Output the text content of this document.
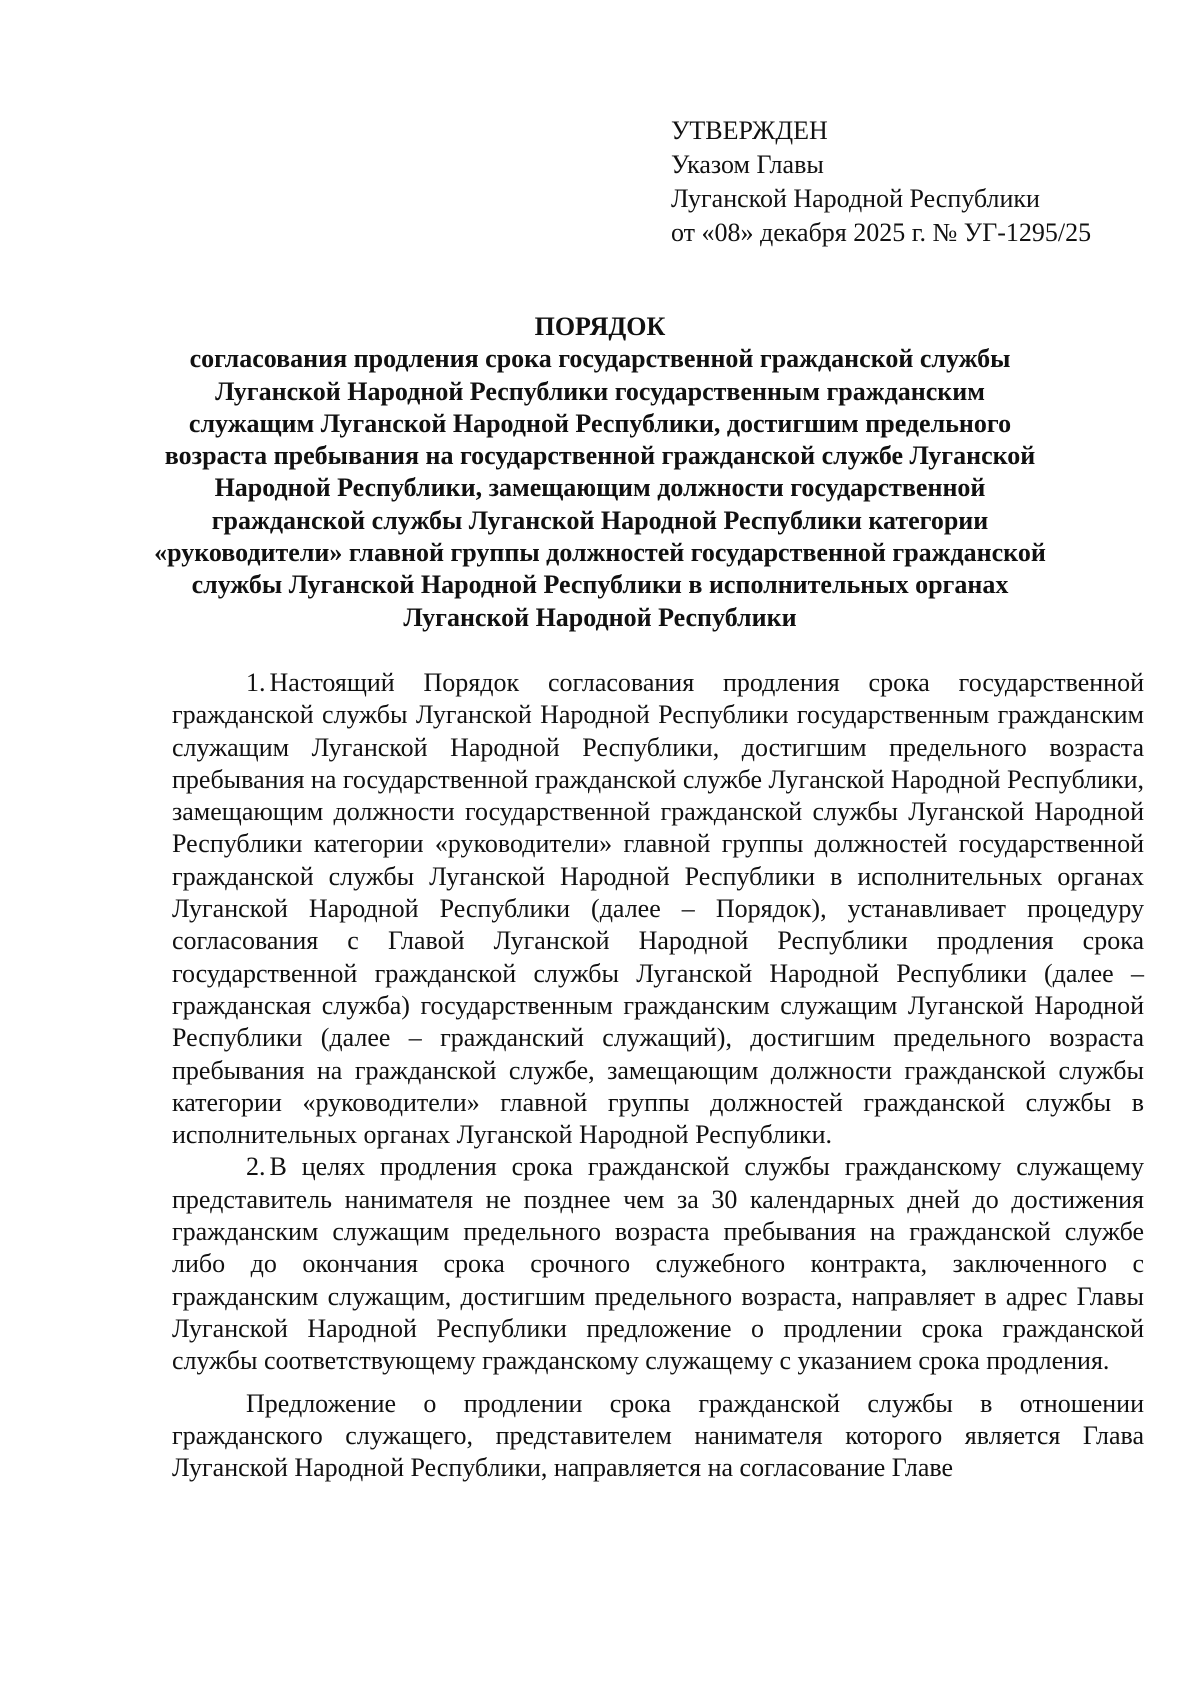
УТВЕРЖДЕН
Указом Главы
Луганской Народной Республики
от «08» декабря 2025 г. № УГ-1295/25
ПОРЯДОК
согласования продления срока государственной гражданской службы Луганской Народной Республики государственным гражданским служащим Луганской Народной Республики, достигшим предельного возраста пребывания на государственной гражданской службе Луганской Народной Республики, замещающим должности государственной гражданской службы Луганской Народной Республики категории «руководители» главной группы должностей государственной гражданской службы Луганской Народной Республики в исполнительных органах Луганской Народной Республики

1. Настоящий Порядок согласования продления срока государственной гражданской службы Луганской Народной Республики государственным гражданским служащим Луганской Народной Республики, достигшим предельного возраста пребывания на государственной гражданской службе Луганской Народной Республики, замещающим должности государственной гражданской службы Луганской Народной Республики категории «руководители» главной группы должностей государственной гражданской службы Луганской Народной Республики в исполнительных органах Луганской Народной Республики (далее – Порядок), устанавливает процедуру согласования с Главой Луганской Народной Республики продления срока государственной гражданской службы Луганской Народной Республики (далее – гражданская служба) государственным гражданским служащим Луганской Народной Республики (далее – гражданский служащий), достигшим предельного возраста пребывания на гражданской службе, замещающим должности гражданской службы категории «руководители» главной группы должностей гражданской службы в исполнительных органах Луганской Народной Республики.

2. В целях продления срока гражданской службы гражданскому служащему представитель нанимателя не позднее чем за 30 календарных дней до достижения гражданским служащим предельного возраста пребывания на гражданской службе либо до окончания срока срочного служебного контракта, заключенного с гражданским служащим, достигшим предельного возраста, направляет в адрес Главы Луганской Народной Республики предложение о продлении срока гражданской службы соответствующему гражданскому служащему с указанием срока продления.

Предложение о продлении срока гражданской службы в отношении гражданского служащего, представителем нанимателя которого является Глава Луганской Народной Республики, направляется на согласование Главе
